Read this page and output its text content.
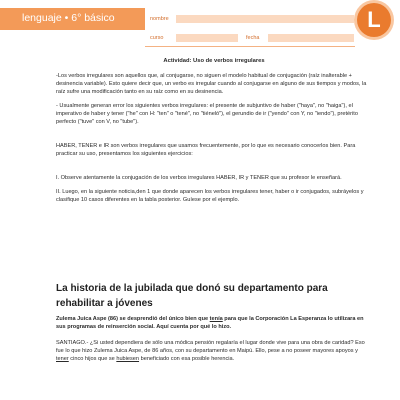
lenguaje • 6° básico	nombre
curso	fecha
L
Actividad: Uso de verbos irregulares

-Los verbos irregulares son aquellos que, al conjugarse, no siguen el modelo habitual de conjugación (raíz inalterable + desinencia variable). Esto quiere decir que, un verbo es irregular cuando al conjugarse en alguno de sus tiempos y modos, la raíz sufre una modificación tanto en su raíz como en su desinencia.

- Usualmente generan error los siguientes verbos irregulares: el presente de subjuntivo de haber ("haya", no "haiga"), el imperativo de haber y tener ("he" con H: "ten" o "tené", no "tiéneló"), el gerundio de ir ("yendo" con Y, no "iendo"), pretérito perfecto ("tuve" con V, no "tube").

HABER, TENER e IR son verbos irregulares que usamos frecuentemente, por lo que es necesario conocerlos bien. Para practicar su uso, presentamos los siguientes ejercicios:

I. Observe atentamente la conjugación de los verbos irregulares HABER, IR y TENER que su profesor le enseñará.

II. Luego, en la siguiente noticia,den 1 que donde aparecen los verbos irregulares tener, haber o ir conjugados, subráyelos y clasifique 10 casos diferentes en la tabla posterior. Guíese por el ejemplo.

La historia de la jubilada que donó su departamento para rehabilitar a jóvenes

Zulema Juica Aspe (86) se desprendió del único bien que tenía para que la Corporación La Esperanza lo utilizara en sus programas de reinserción social. Aquí cuenta por qué lo hizo.

SANTIAGO.- ¿Si usted dependiera de sólo una módica pensión regalaría el lugar donde vive para una obra de caridad? Eso fue lo que hizo Zulema Juica Aspe, de 86 años, con su departamento en Maipú. Ello, pese a no poseer mayores apoyos y tener cinco hijos que se hubiesen beneficiado con esa posible herencia.
